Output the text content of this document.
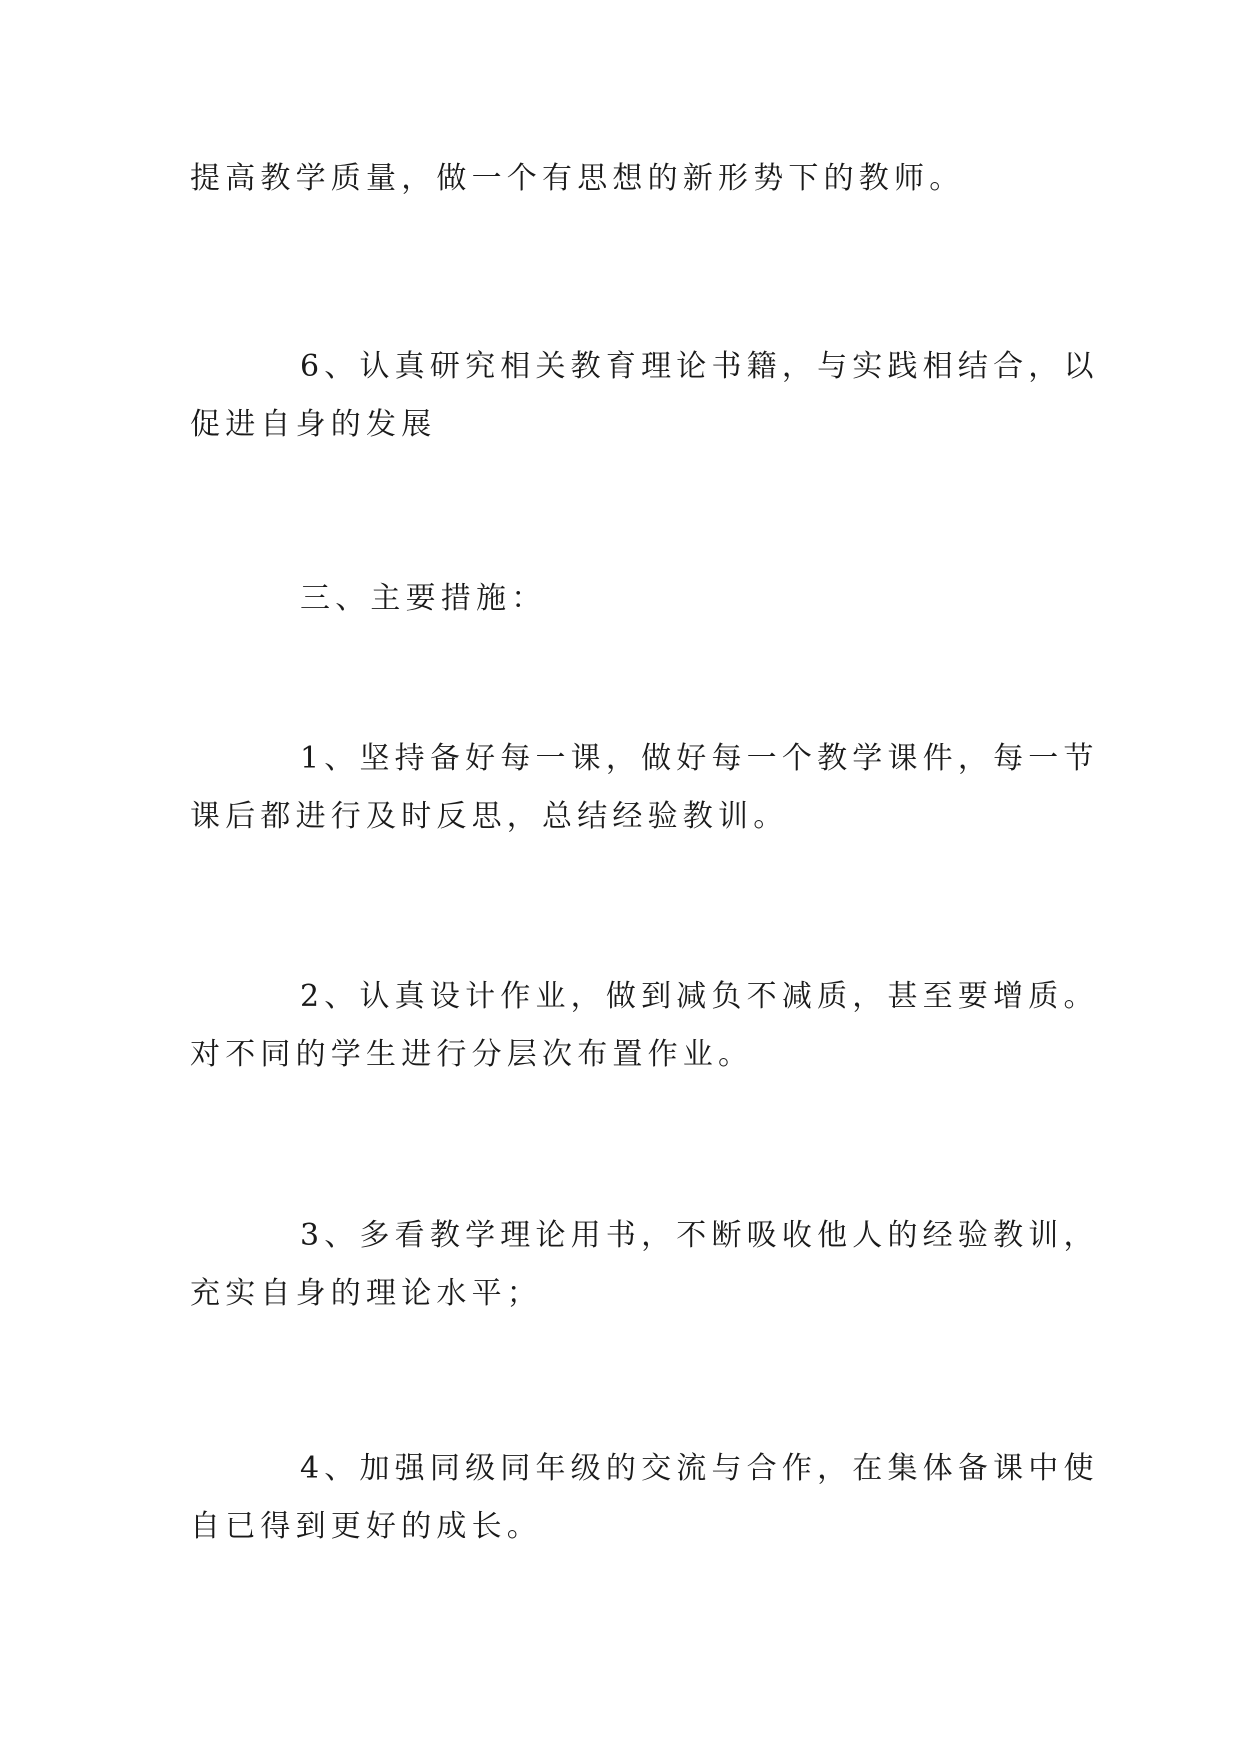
提高教学质量，做一个有思想的新形势下的教师。

6、认真研究相关教育理论书籍，与实践相结合，以
促进自身的发展

三、主要措施：

1、坚持备好每一课，做好每一个教学课件，每一节
课后都进行及时反思，总结经验教训。

2、认真设计作业，做到减负不减质，甚至要增质。
对不同的学生进行分层次布置作业。

3、多看教学理论用书，不断吸收他人的经验教训，
充实自身的理论水平；

4、加强同级同年级的交流与合作，在集体备课中使
自已得到更好的成长。
